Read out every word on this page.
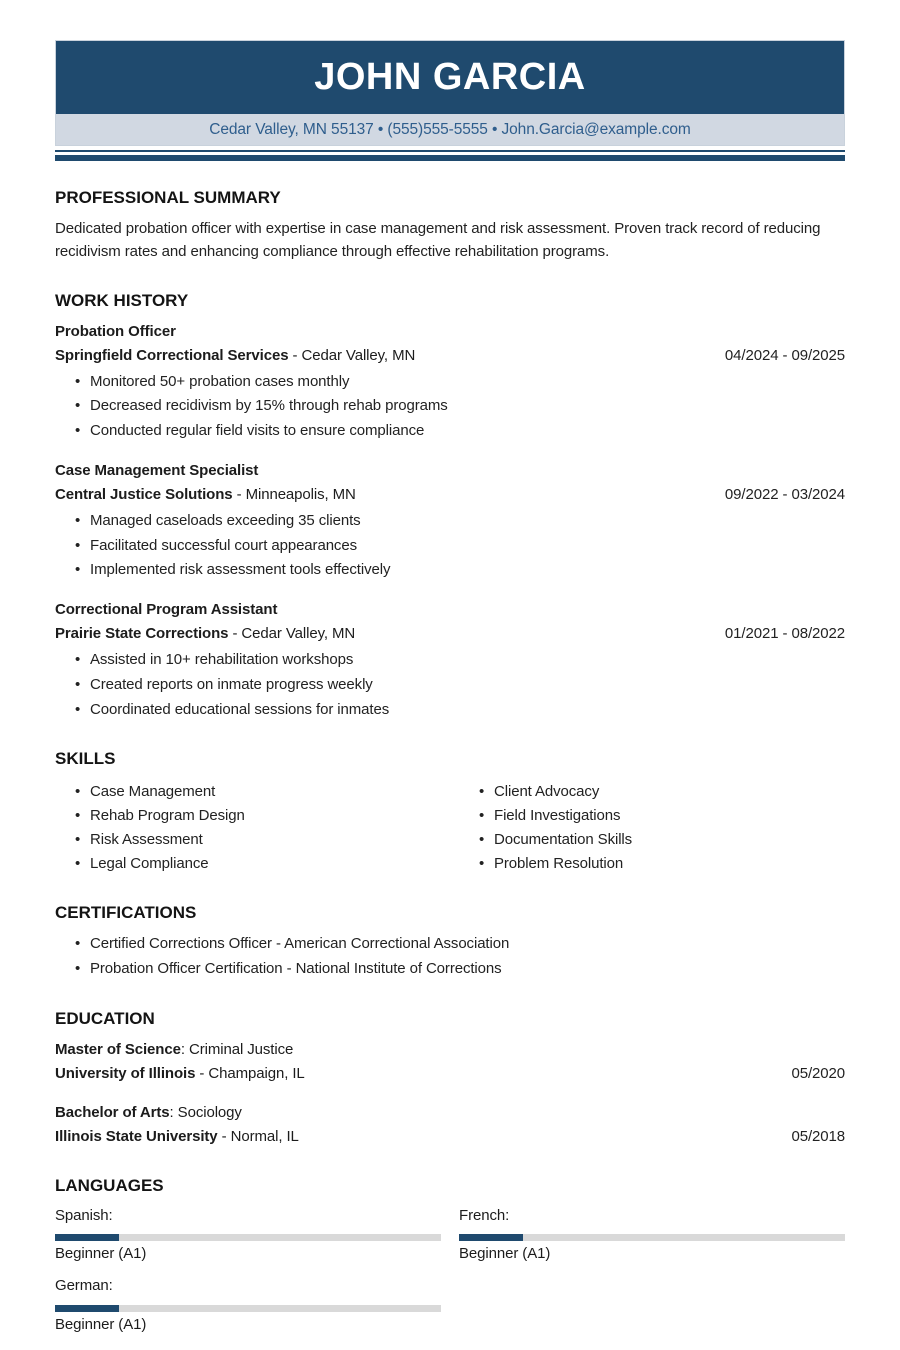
JOHN GARCIA
Cedar Valley, MN 55137 • (555)555-5555 • John.Garcia@example.com
PROFESSIONAL SUMMARY

Dedicated probation officer with expertise in case management and risk assessment. Proven track record of reducing recidivism rates and enhancing compliance through effective rehabilitation programs.

WORK HISTORY
Probation Officer
Springfield Correctional Services - Cedar Valley, MN	04/2024 - 09/2025
• Monitored 50+ probation cases monthly
• Decreased recidivism by 15% through rehab programs
• Conducted regular field visits to ensure compliance
Case Management Specialist
Central Justice Solutions - Minneapolis, MN	09/2022 - 03/2024
• Managed caseloads exceeding 35 clients
• Facilitated successful court appearances
• Implemented risk assessment tools effectively
Correctional Program Assistant
Prairie State Corrections - Cedar Valley, MN	01/2021 - 08/2022
• Assisted in 10+ rehabilitation workshops
• Created reports on inmate progress weekly
• Coordinated educational sessions for inmates
SKILLS
• Case Management
• Rehab Program Design
• Risk Assessment
• Legal Compliance
• Client Advocacy
• Field Investigations
• Documentation Skills
• Problem Resolution
CERTIFICATIONS
• Certified Corrections Officer - American Correctional Association
• Probation Officer Certification - National Institute of Corrections
EDUCATION
Master of Science: Criminal Justice
University of Illinois - Champaign, IL	05/2020
Bachelor of Arts: Sociology
Illinois State University - Normal, IL	05/2018
LANGUAGES
Spanish:
Beginner (A1)
French:
Beginner (A1)
German:
Beginner (A1)
